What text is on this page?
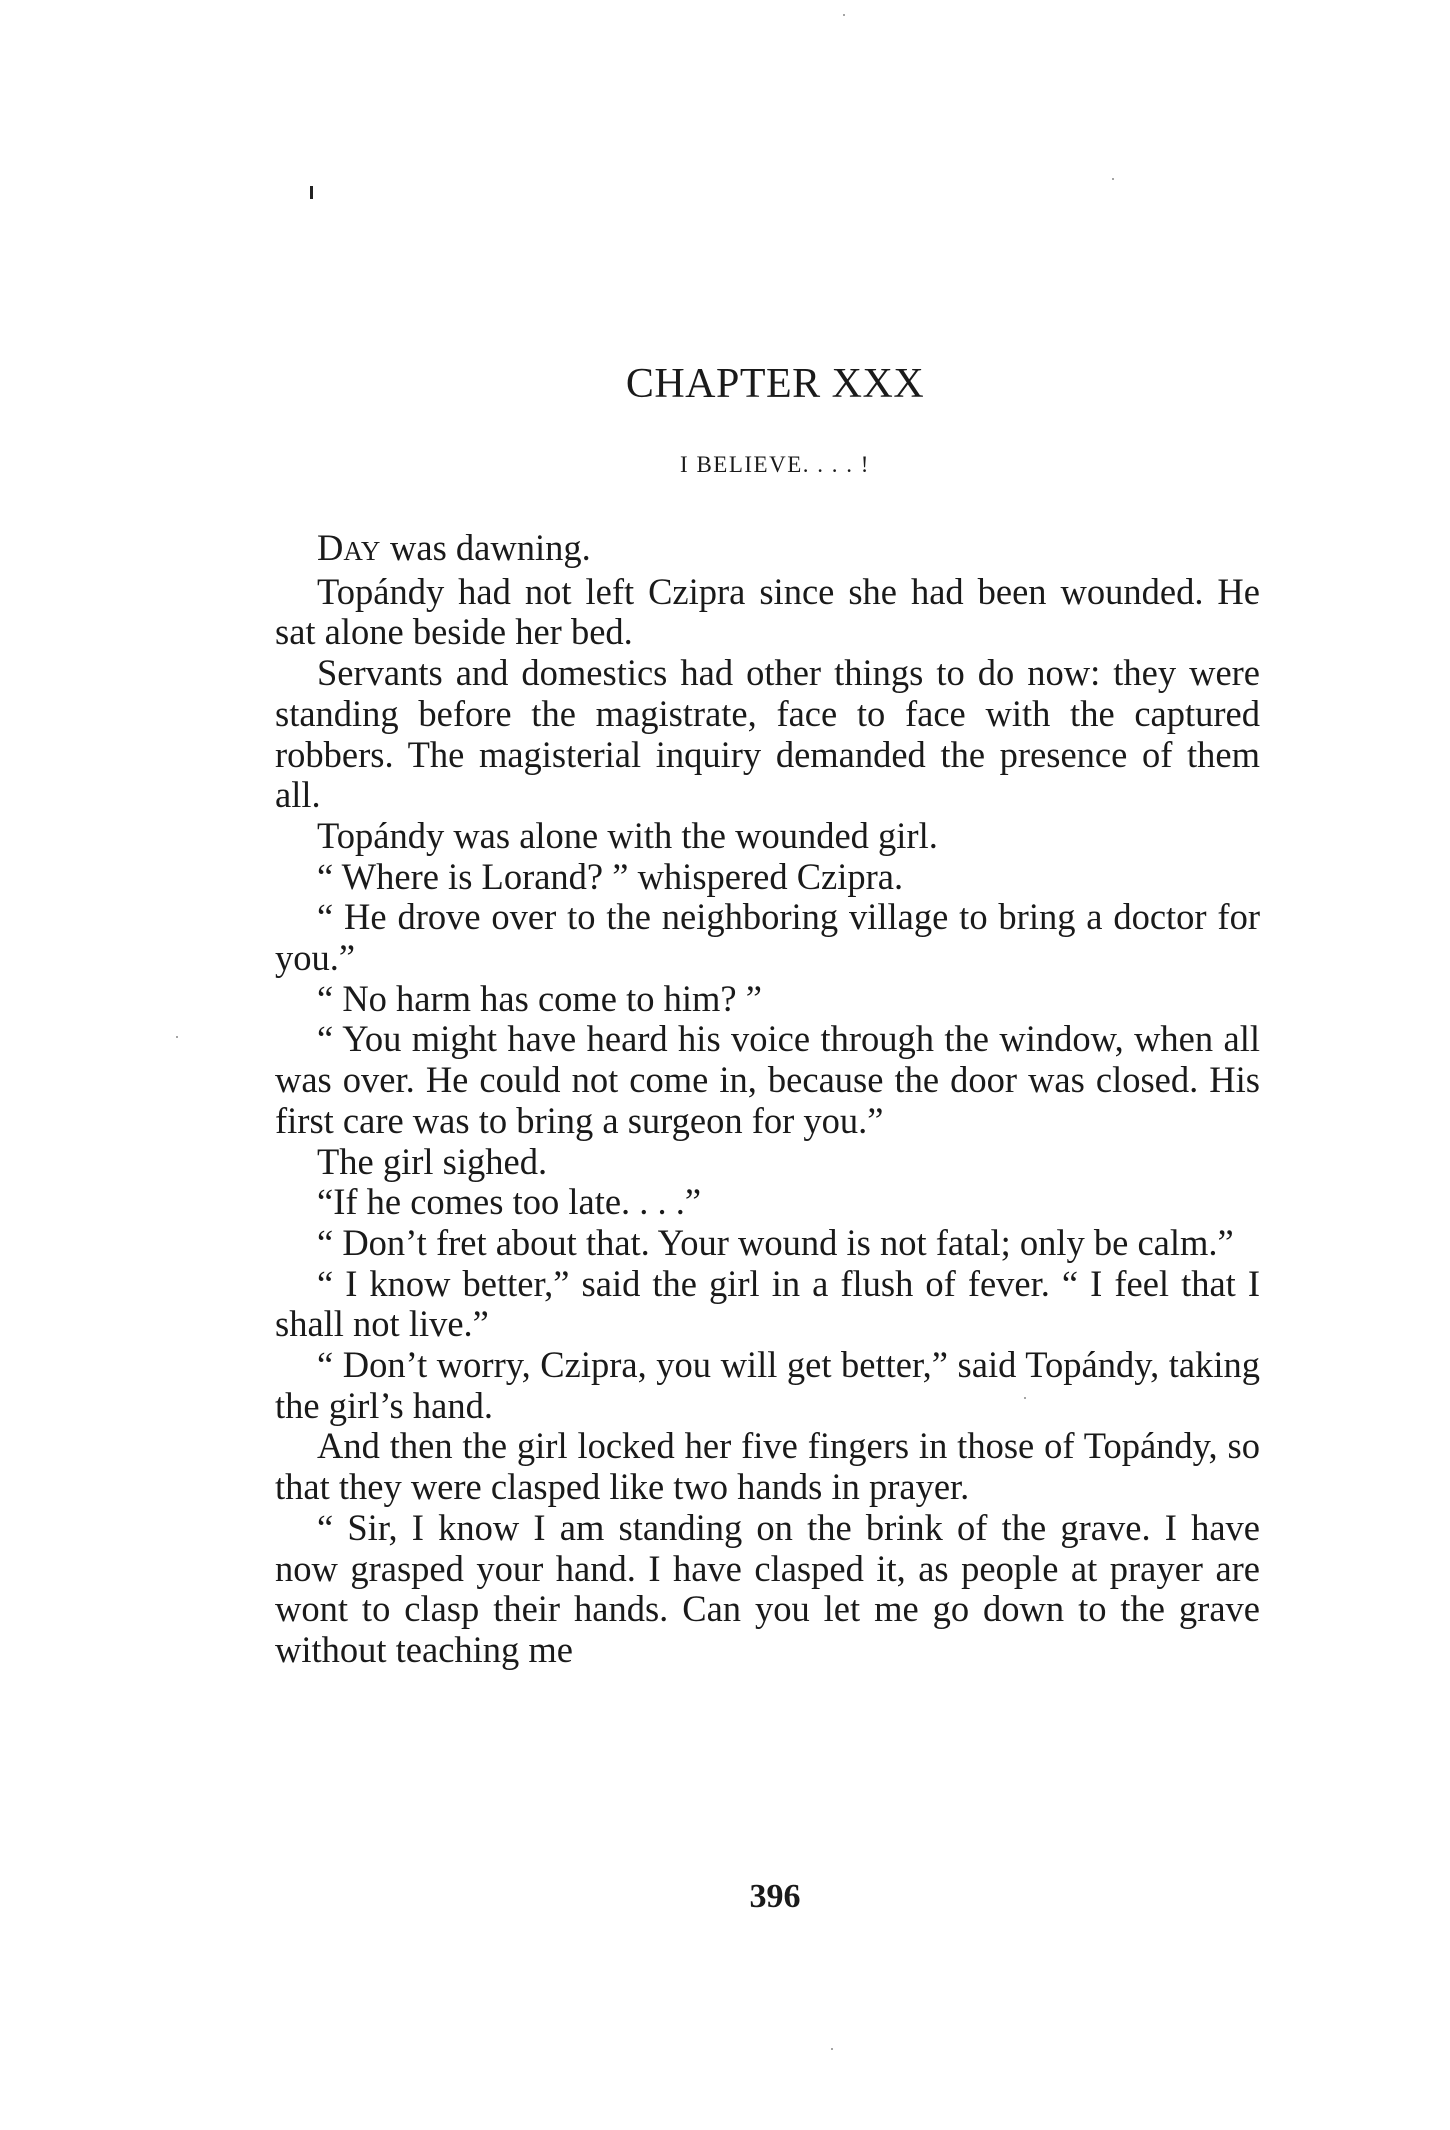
CHAPTER XXX
I BELIEVE. . . . !

DAY was dawning.

Topándy had not left Czipra since she had been wounded. He sat alone beside her bed.

Servants and domestics had other things to do now: they were standing before the magistrate, face to face with the captured robbers. The magisterial inquiry demanded the presence of them all.

Topándy was alone with the wounded girl.

“ Where is Lorand? ” whispered Czipra.

“ He drove over to the neighboring village to bring a doctor for you.”

“ No harm has come to him? ”

“ You might have heard his voice through the window, when all was over. He could not come in, because the door was closed. His first care was to bring a surgeon for you.”

The girl sighed.

“If he comes too late. . . .”

“ Don’t fret about that. Your wound is not fatal; only be calm.”

“ I know better,” said the girl in a flush of fever. “ I feel that I shall not live.”

“ Don’t worry, Czipra, you will get better,” said Topándy, taking the girl’s hand.

And then the girl locked her five fingers in those of Topándy, so that they were clasped like two hands in prayer.

“ Sir, I know I am standing on the brink of the grave. I have now grasped your hand. I have clasped it, as people at prayer are wont to clasp their hands. Can you let me go down to the grave without teaching me

396
